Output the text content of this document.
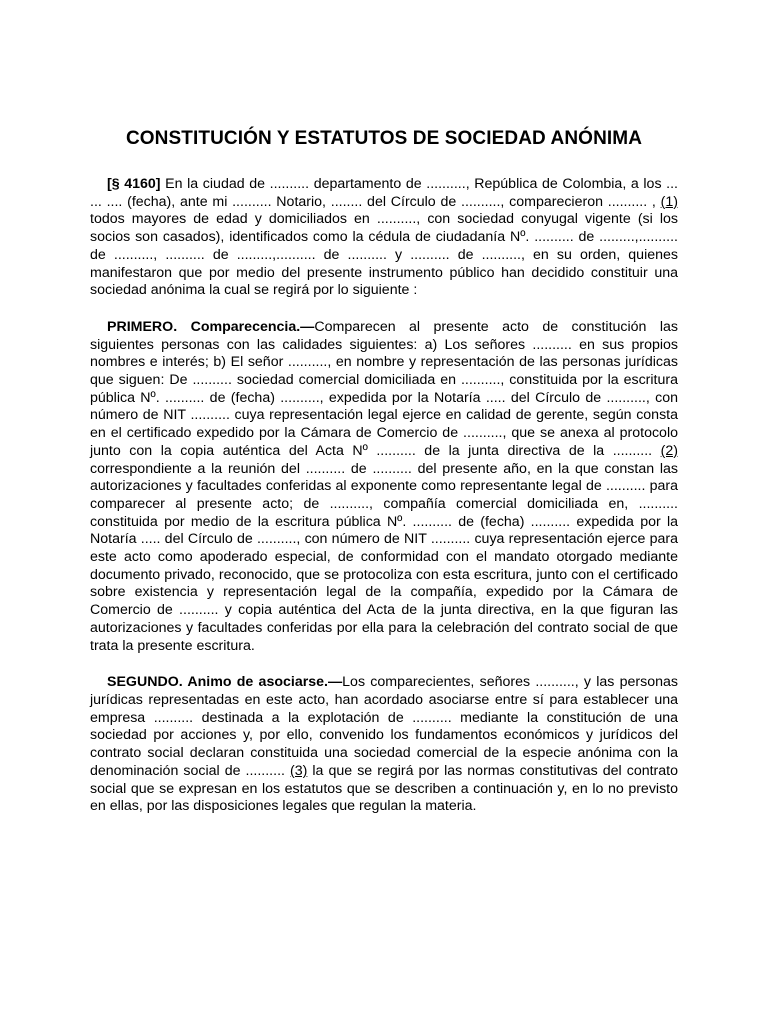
CONSTITUCIÓN Y ESTATUTOS DE SOCIEDAD ANÓNIMA

[§ 4160] En la ciudad de .......... departamento de .........., República de Colombia, a los ... ... .... (fecha), ante mi .......... Notario, ........ del Círculo de .........., comparecieron .......... , (1) todos mayores de edad y domiciliados en .........., con sociedad conyugal vigente (si los socios son casados), identificados como la cédula de ciudadanía Nº. .......... de .........,.......... de .........., .......... de .........,.......... de .......... y .......... de .........., en su orden, quienes manifestaron que por medio del presente instrumento público han decidido constituir una sociedad anónima la cual se regirá por lo siguiente :

PRIMERO. Comparecencia.—Comparecen al presente acto de constitución las siguientes personas con las calidades siguientes: a) Los señores .......... en sus propios nombres e interés; b) El señor .........., en nombre y representación de las personas jurídicas que siguen: De .......... sociedad comercial domiciliada en .........., constituida por la escritura pública Nº. .......... de (fecha) .........., expedida por la Notaría ..... del Círculo de .........., con número de NIT .......... cuya representación legal ejerce en calidad de gerente, según consta en el certificado expedido por la Cámara de Comercio de .........., que se anexa al protocolo junto con la copia auténtica del Acta Nº .......... de la junta directiva de la .......... (2) correspondiente a la reunión del .......... de .......... del presente año, en la que constan las autorizaciones y facultades conferidas al exponente como representante legal de .......... para comparecer al presente acto; de .........., compañía comercial domiciliada en, .......... constituida por medio de la escritura pública Nº. .......... de (fecha) .......... expedida por la Notaría ..... del Círculo de .........., con número de NIT .......... cuya representación ejerce para este acto como apoderado especial, de conformidad con el mandato otorgado mediante documento privado, reconocido, que se protocoliza con esta escritura, junto con el certificado sobre existencia y representación legal de la compañía, expedido por la Cámara de Comercio de .......... y copia auténtica del Acta de la junta directiva, en la que figuran las autorizaciones y facultades conferidas por ella para la celebración del contrato social de que trata la presente escritura.

SEGUNDO. Animo de asociarse.—Los comparecientes, señores .........., y las personas jurídicas representadas en este acto, han acordado asociarse entre sí para establecer una empresa .......... destinada a la explotación de .......... mediante la constitución de una sociedad por acciones y, por ello, convenido los fundamentos económicos y jurídicos del contrato social declaran constituida una sociedad comercial de la especie anónima con la denominación social de .......... (3) la que se regirá por las normas constitutivas del contrato social que se expresan en los estatutos que se describen a continuación y, en lo no previsto en ellas, por las disposiciones legales que regulan la materia.
